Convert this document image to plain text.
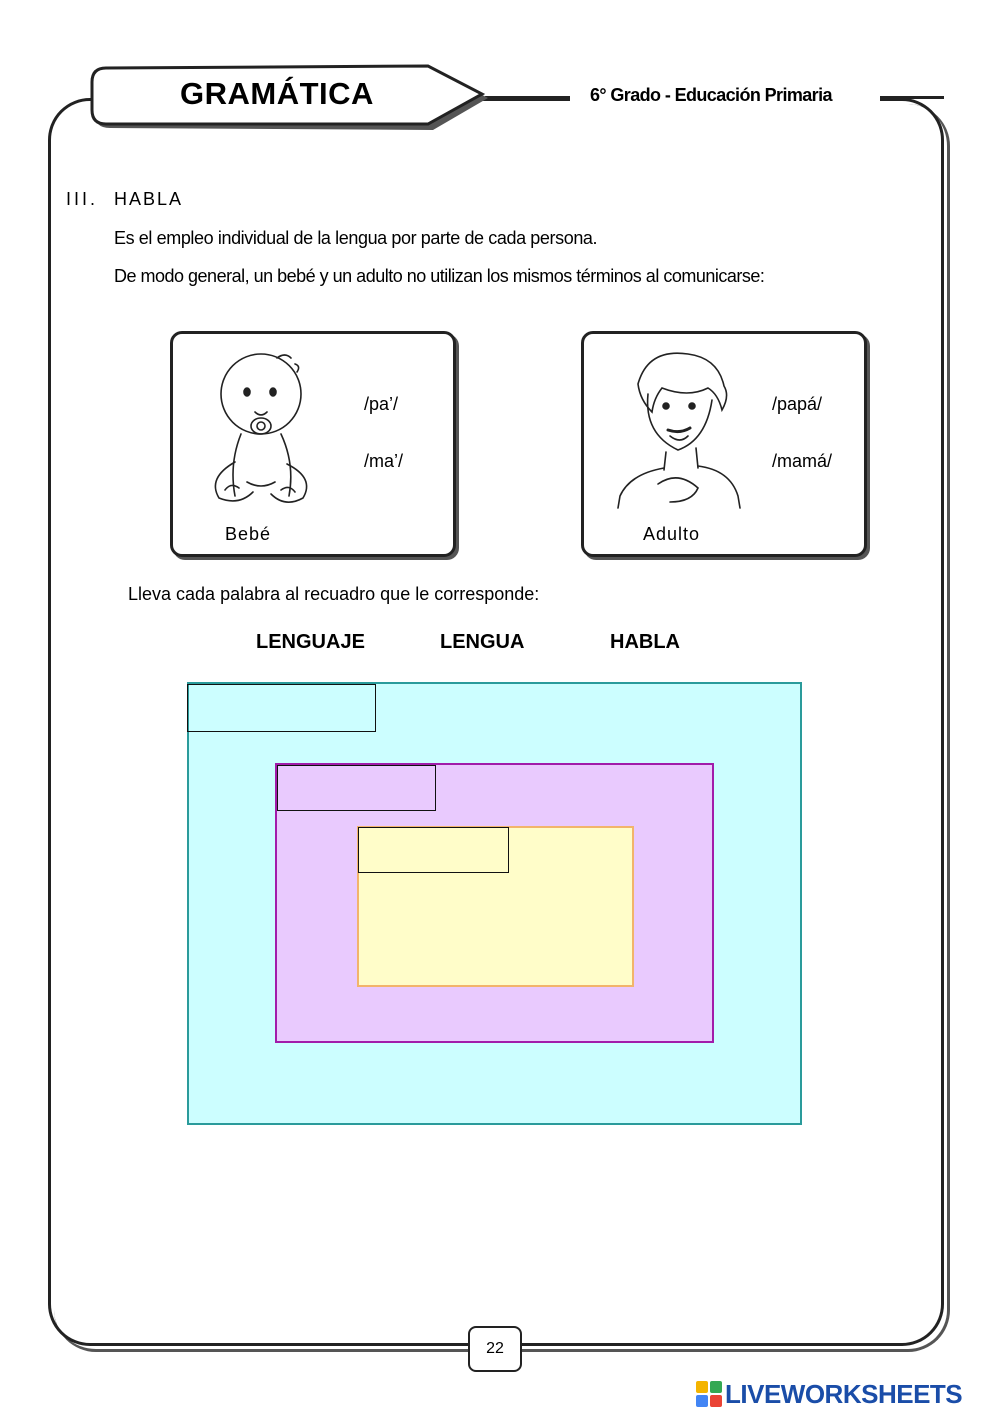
GRAMÁTICA	6° Grado - Educación Primaria
III. HABLA
Es el empleo individual de la lengua por parte de cada persona.
De modo general, un bebé y un adulto no utilizan los mismos términos al comunicarse:
/pa’/
/ma’/
Bebé
/papá/
/mamá/
Adulto
Lleva cada palabra al recuadro que le corresponde:
LENGUAJE	LENGUA	HABLA
22
LIVEWORKSHEETS
